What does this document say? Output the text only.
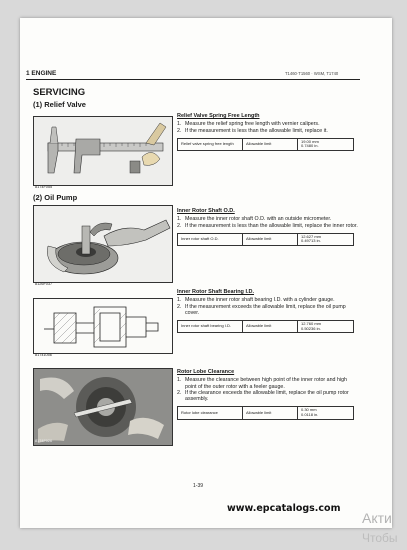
1 ENGINE	T1460·T1560 · WSM, T1740
SERVICING
(1) Relief Valve
8174F055
(2) Oil Pump
8126F037
81741056
8174F026
Relief Valve Spring Free Length
1. Measure the relief spring free length with vernier calipers.
2. If the measurement is less than the allowable limit, replace it.
Relief valve spring free length	Allowable limit	19.00 mm
0.7480 in.
Inner Rotor Shaft O.D.
1. Measure the inner rotor shaft O.D. with an outside micrometer.
2. If the measurement is less than the allowable limit, replace the inner rotor.
Inner rotor shaft O.D.	Allowable limit	12.627 mm
0.49713 in.
Inner Rotor Shaft Bearing I.D.
1. Measure the inner rotor shaft bearing I.D. with a cylinder gauge.
2. If the measurement exceeds the allowable limit, replace the oil pump cover.
Inner rotor shaft bearing I.D.	Allowable limit	12.760 mm
0.50236 in.
Rotor Lobe Clearance
1. Measure the clearance between high point of the inner rotor and high point of the outer rotor with a feeler gauge.
2. If the clearance exceeds the allowable limit, replace the oil pump rotor assembly.
Rotor lobe clearance	Allowable limit	0.30 mm
0.0118 in.
1-39
www.epcatalogs.com
Акти
Чтобы
